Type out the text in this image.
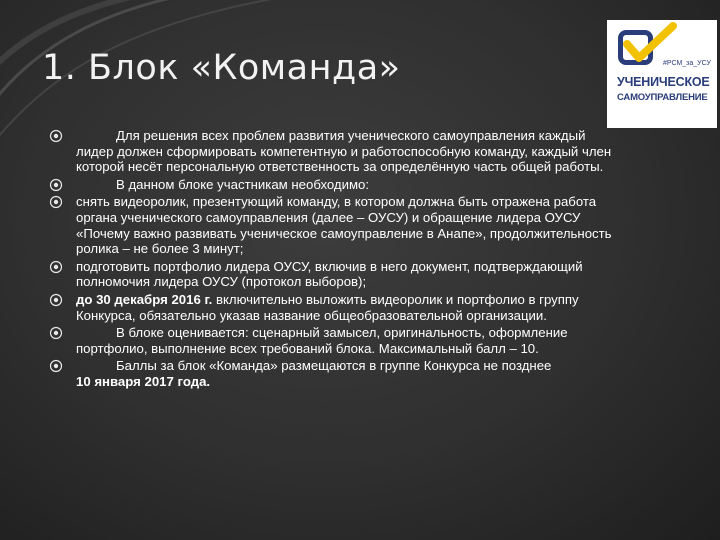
1. Блок «Команда»	#РСМ_за_УСУ
УЧЕНИЧЕСКОЕ
САМОУПРАВЛЕНИЕ
Для решения всех проблем развития ученического самоуправления каждый лидер должен сформировать компетентную и работоспособную команду, каждый член которой несёт персональную ответственность за определённую часть общей работы.
В данном блоке участникам необходимо:
снять видеоролик, презентующий команду, в котором должна быть отражена работа органа ученического самоуправления (далее – ОУСУ) и обращение лидера ОУСУ «Почему важно развивать ученическое самоуправление в Анапе», продолжительность ролика – не более 3 минут;
подготовить портфолио лидера ОУСУ, включив в него документ, подтверждающий полномочия лидера ОУСУ (протокол выборов);
до 30 декабря 2016 г. включительно выложить видеоролик и портфолио в группу Конкурса, обязательно указав название общеобразовательной организации.
В блоке оценивается: сценарный замысел, оригинальность, оформление портфолио, выполнение всех требований блока. Максимальный балл – 10.
Баллы за блок «Команда» размещаются в группе Конкурса не позднее
10 января 2017 года.
